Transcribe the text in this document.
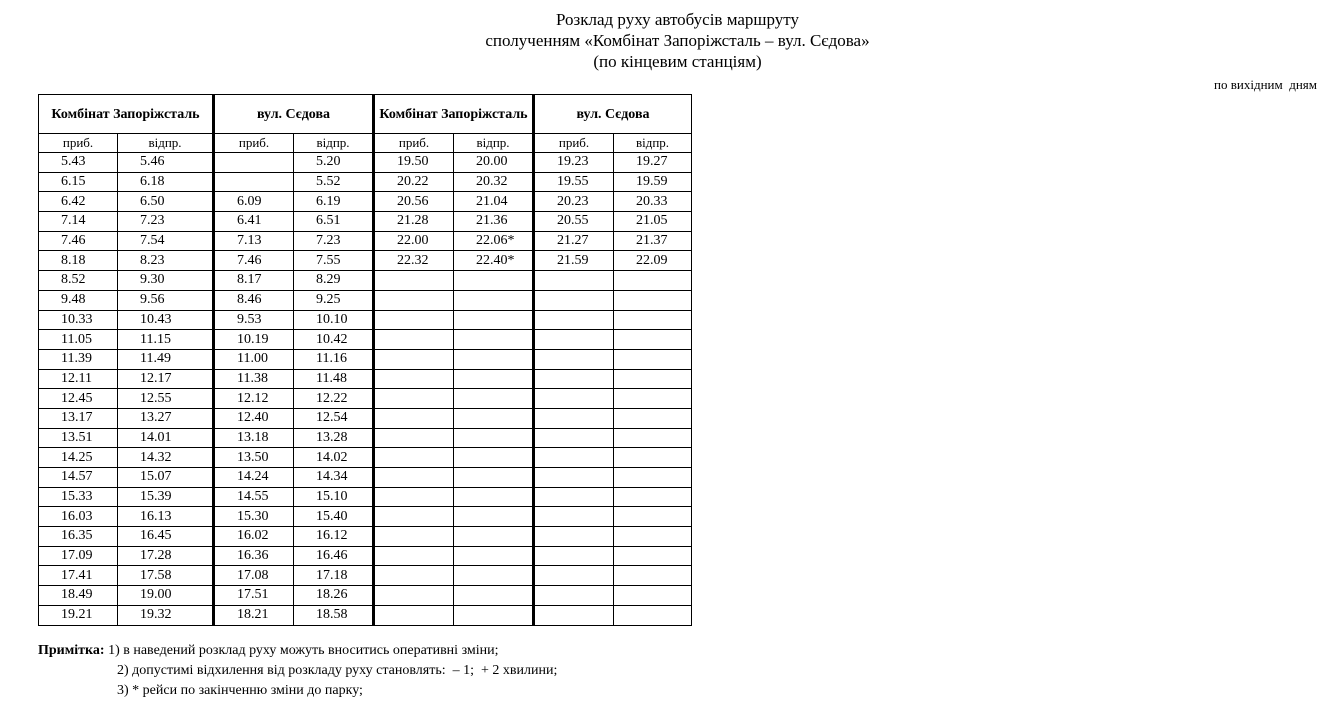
Розклад руху автобусів маршруту
сполученням «Комбінат Запоріжсталь – вул. Сєдова»
(по кінцевим станціям)
по вихідним  дням
Комбінат Запоріжсталь		вул. Сєдова		Комбінат Запоріжсталь		вул. Сєдова	
приб.	відпр.	приб.	відпр.	приб.	відпр.	приб.	відпр.
5.43	5.46		5.20	19.50	20.00	19.23	19.27
6.15	6.18		5.52	20.22	20.32	19.55	19.59
6.42	6.50	6.09	6.19	20.56	21.04	20.23	20.33
7.14	7.23	6.41	6.51	21.28	21.36	20.55	21.05
7.46	7.54	7.13	7.23	22.00	22.06*	21.27	21.37
8.18	8.23	7.46	7.55	22.32	22.40*	21.59	22.09
8.52	9.30	8.17	8.29				
9.48	9.56	8.46	9.25				
10.33	10.43	9.53	10.10				
11.05	11.15	10.19	10.42				
11.39	11.49	11.00	11.16				
12.11	12.17	11.38	11.48				
12.45	12.55	12.12	12.22				
13.17	13.27	12.40	12.54				
13.51	14.01	13.18	13.28				
14.25	14.32	13.50	14.02				
14.57	15.07	14.24	14.34				
15.33	15.39	14.55	15.10				
16.03	16.13	15.30	15.40				
16.35	16.45	16.02	16.12				
17.09	17.28	16.36	16.46				
17.41	17.58	17.08	17.18				
18.49	19.00	17.51	18.26				
19.21	19.32	18.21	18.58				
Примітка: 1) в наведений розклад руху можуть вноситись оперативні зміни;
2) допустимі відхилення від розкладу руху становлять:  – 1;  + 2 хвилини;
3) * рейси по закінченню зміни до парку;
